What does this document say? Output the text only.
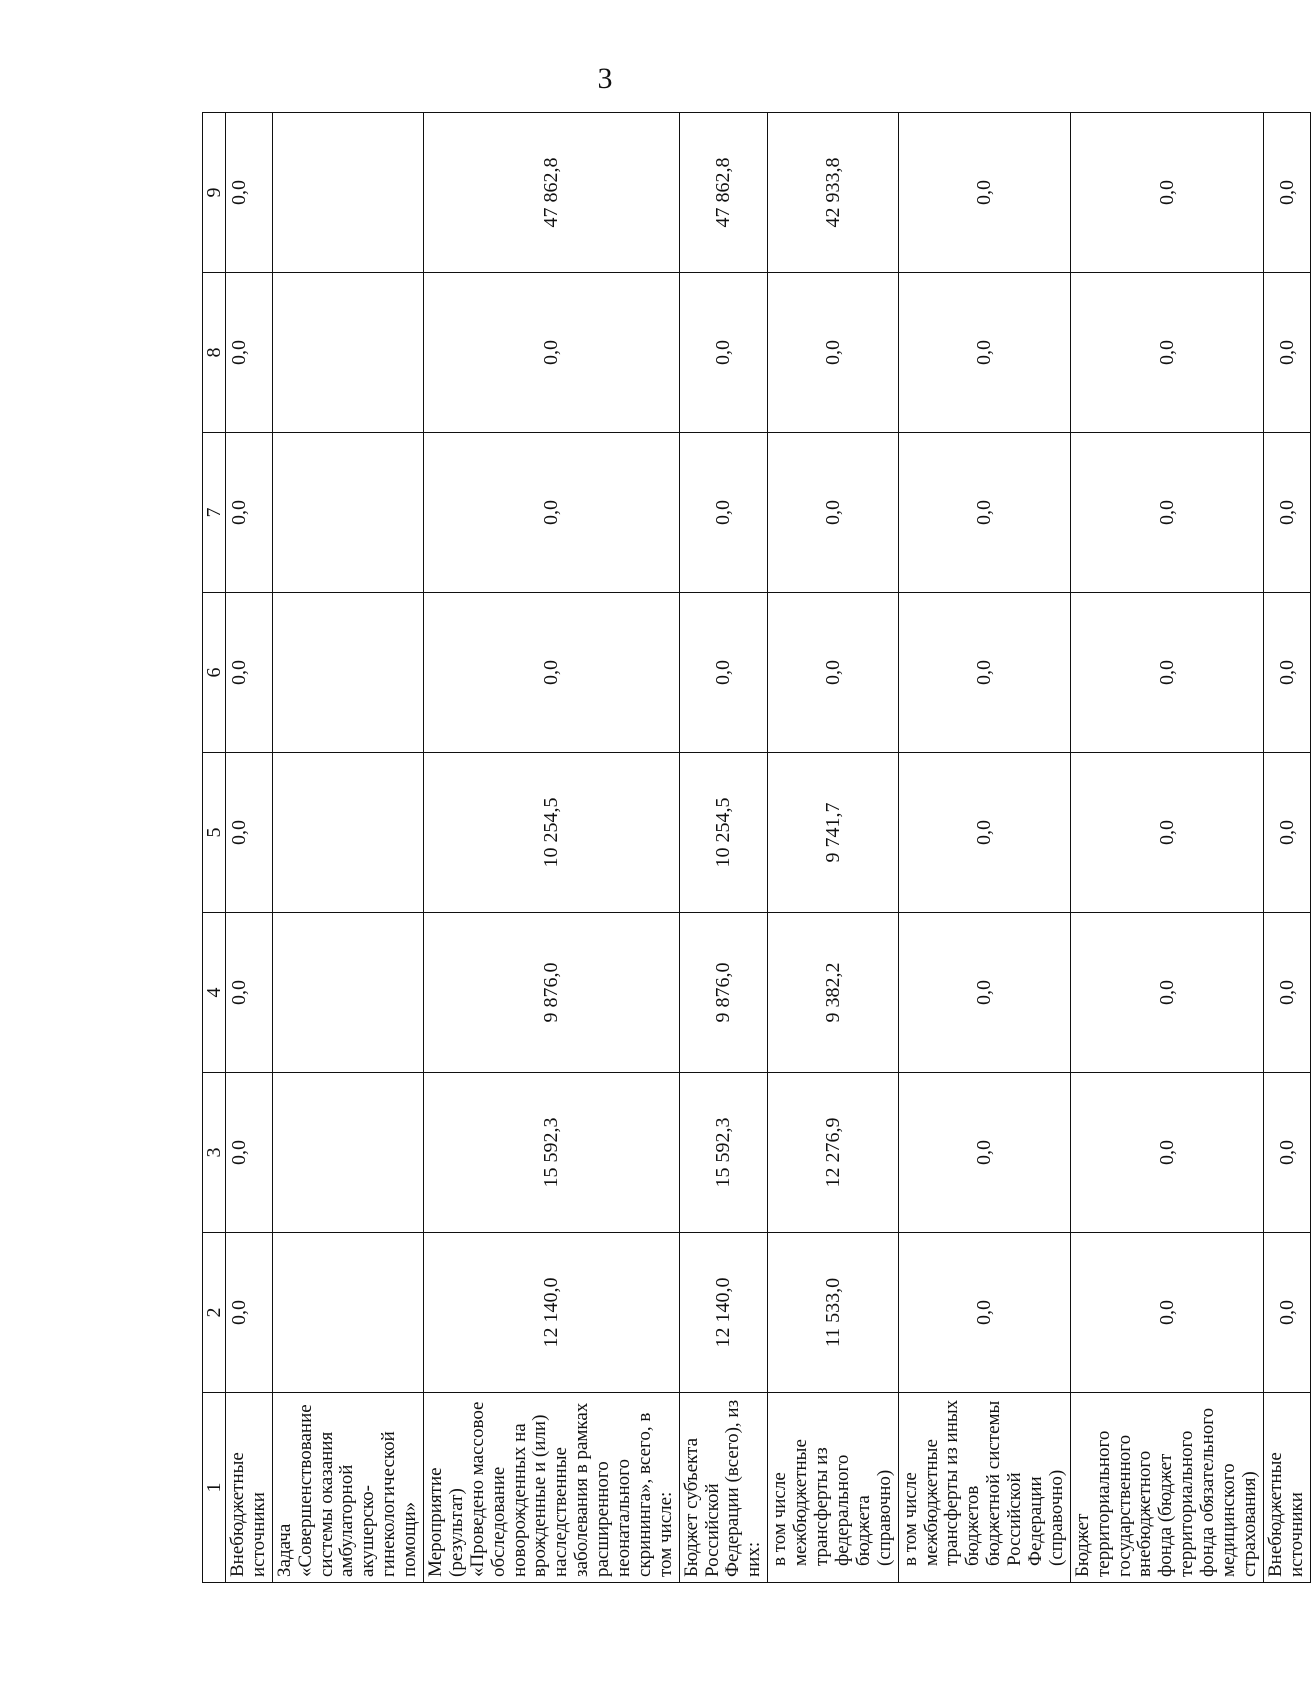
3
1	2	3	4	5	6	7	8	9
Внебюджетные источники	0,0	0,0	0,0	0,0	0,0	0,0	0,0	0,0
Задача «Совершенствование системы оказания амбулаторной акушерско-гинекологической помощи»								
Мероприятие (результат) «Проведено массовое обследование новорожденных на врожденные и (или) наследственные заболевания в рамках расширенного неонатального скрининга», всего, в том числе:	12 140,0	15 592,3	9 876,0	10 254,5	0,0	0,0	0,0	47 862,8
Бюджет субъекта Российской Федерации (всего), из них:	12 140,0	15 592,3	9 876,0	10 254,5	0,0	0,0	0,0	47 862,8
в том числе межбюджетные трансферты из федерального бюджета (справочно)	11 533,0	12 276,9	9 382,2	9 741,7	0,0	0,0	0,0	42 933,8
в том числе межбюджетные трансферты из иных бюджетов бюджетной системы Российской Федерации (справочно)	0,0	0,0	0,0	0,0	0,0	0,0	0,0	0,0
Бюджет территориального государственного внебюджетного фонда (бюджет территориального фонда обязательного медицинского страхования)	0,0	0,0	0,0	0,0	0,0	0,0	0,0	0,0
Внебюджетные источники	0,0	0,0	0,0	0,0	0,0	0,0	0,0	0,0
